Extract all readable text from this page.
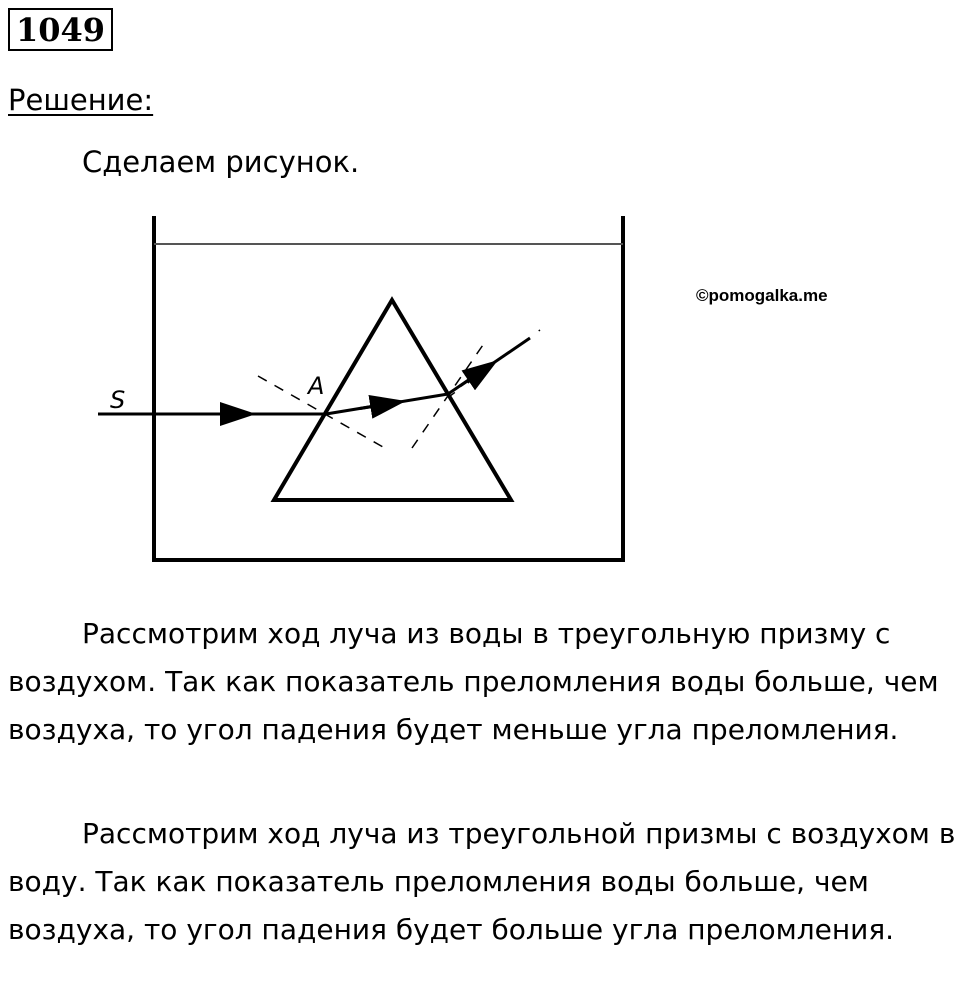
1049
Решение:
Сделаем рисунок.
S	A
©pomogalka.me

Рассмотрим ход луча из воды в треугольную призму с воздухом. Так как показатель преломления воды больше, чем воздуха, то угол падения будет меньше угла преломления.

Рассмотрим ход луча из треугольной призмы с воздухом в воду. Так как показатель преломления воды больше, чем воздуха, то угол падения будет больше угла преломления.
